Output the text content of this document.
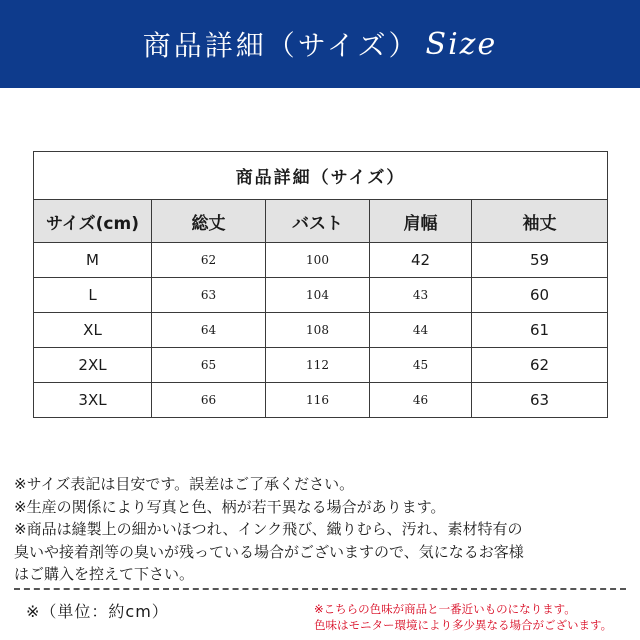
商品詳細（サイズ） Size
商品詳細（サイズ）				
サイズ(cm)	総丈	バスト	肩幅	袖丈
M	62	100	42	59
L	63	104	43	60
XL	64	108	44	61
2XL	65	112	45	62
3XL	66	116	46	63

※サイズ表記は目安です。誤差はご了承ください。

※生産の関係により写真と色、柄が若干異なる場合があります。

※商品は縫製上の細かいほつれ、インク飛び、織りむら、汚れ、素材特有の

臭いや接着剤等の臭いが残っている場合がございますので、気になるお客様

はご購入を控えて下さい。

※（単位：約cm）	※こちらの色味が商品と一番近いものになります。

色味はモニター環境により多少異なる場合がございます。
